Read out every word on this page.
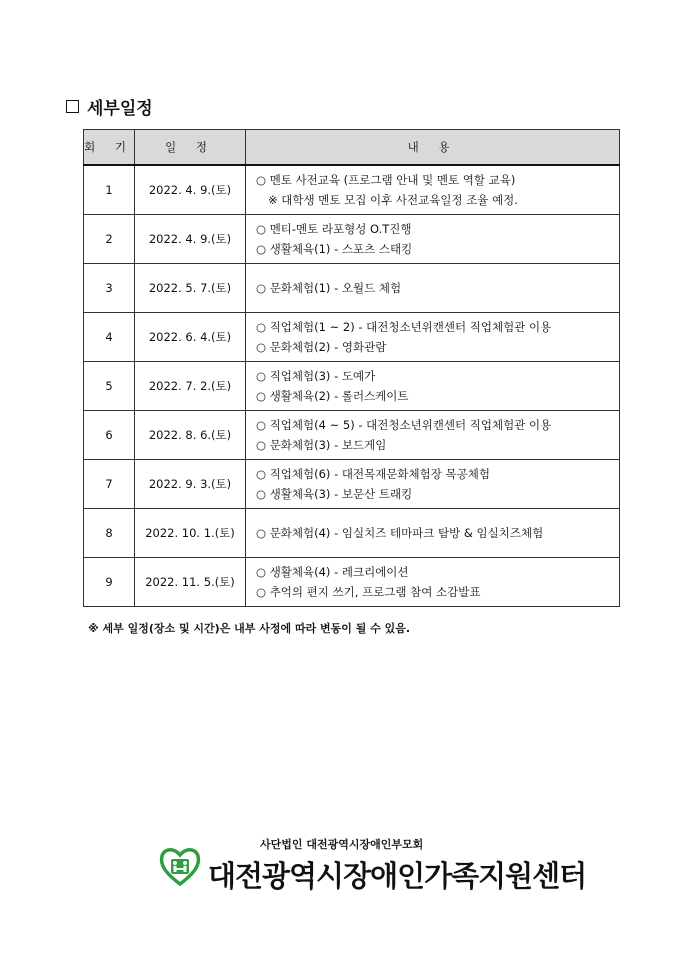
세부일정
회 기	일 정	내 용
1	2022. 4. 9.(토)	○ 멘토 사전교육 (프로그램 안내 및 멘토 역할 교육)
※ 대학생 멘토 모집 이후 사전교육일정 조율 예정.

2	2022. 4. 9.(토)	○ 멘티-멘토 라포형성 O.T진행
○ 생활체육(1) - 스포츠 스태킹

3	2022. 5. 7.(토)	○ 문화체험(1) - 오월드 체험

4	2022. 6. 4.(토)	○ 직업체험(1 ~ 2) - 대전청소년위캔센터 직업체험관 이용
○ 문화체험(2) - 영화관람

5	2022. 7. 2.(토)	○ 직업체험(3) - 도예가
○ 생활체육(2) - 롤러스케이트

6	2022. 8. 6.(토)	○ 직업체험(4 ~ 5) - 대전청소년위캔센터 직업체험관 이용
○ 문화체험(3) - 보드게임

7	2022. 9. 3.(토)	○ 직업체험(6) - 대전목재문화체험장 목공체험
○ 생활체육(3) - 보문산 트래킹

8	2022. 10. 1.(토)	○ 문화체험(4) - 임실치즈 테마파크 탐방 & 임실치즈체험

9	2022. 11. 5.(토)	○ 생활체육(4) - 레크리에이션
○ 추억의 편지 쓰기, 프로그램 참여 소감발표
※ 세부 일정(장소 및 시간)은 내부 사정에 따라 변동이 될 수 있음.
사단법인 대전광역시장애인부모회
대전광역시장애인가족지원센터
